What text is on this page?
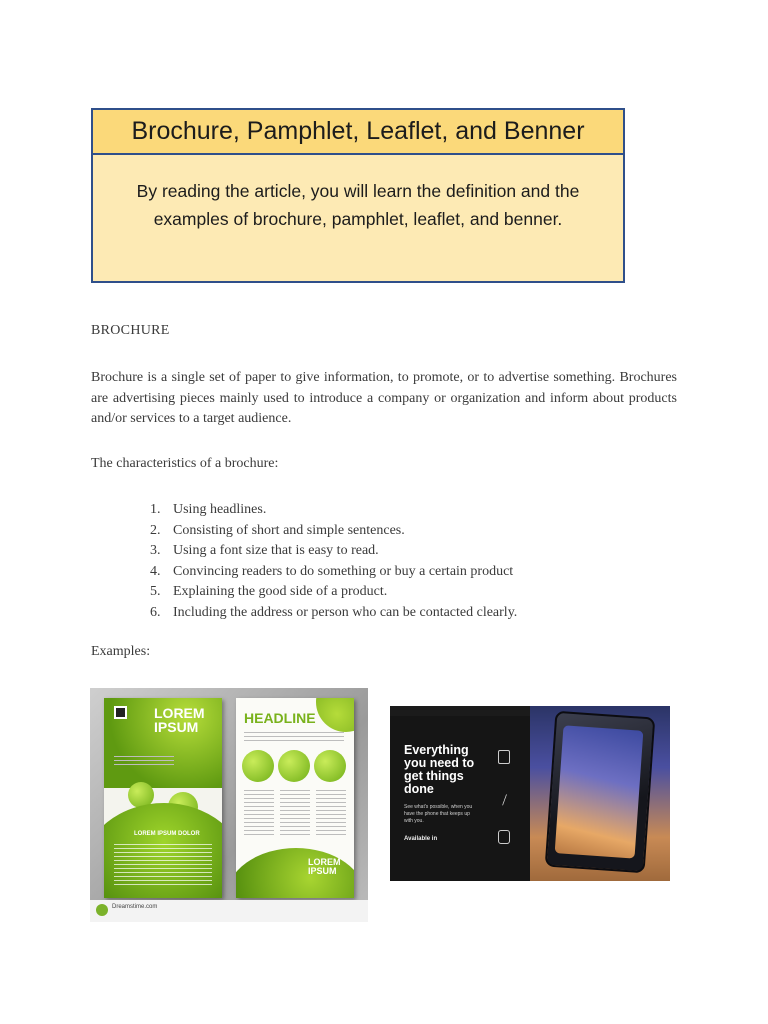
Brochure, Pamphlet, Leaflet, and Benner
By reading the article, you will learn the definition and the examples of brochure, pamphlet, leaflet, and benner.
BROCHURE
Brochure is a single set of paper to give information, to promote, or to advertise something. Brochures are advertising pieces mainly used to introduce a company or organization and inform about products and/or services to a target audience.
The characteristics of a brochure:
1. Using headlines.
2. Consisting of short and simple sentences.
3. Using a font size that is easy to read.
4. Convincing readers to do something or buy a certain product
5. Explaining the good side of a product.
6. Including the address or person who can be contacted clearly.
Examples:
LOREM
IPSUM
LOREM IPSUM DOLOR
HEADLINE
LOREM
IPSUM
Dreamstime.com
Everything
you need to
get things
done
See what's possible, when you have the phone that keeps up with you.
Available in
